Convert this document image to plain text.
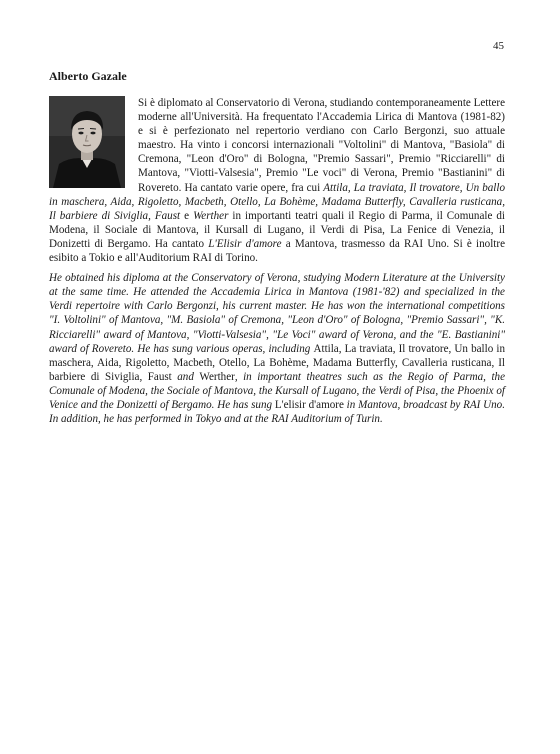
45
Alberto Gazale

Si è diplomato al Conservatorio di Verona, studiando contemporaneamente Lettere moderne all'Università. Ha frequentato l'Accademia Lirica di Mantova (1981-82) e si è perfezionato nel repertorio verdiano con Carlo Bergonzi, suo attuale maestro. Ha vinto i concorsi internazionali "Voltolini" di Mantova, "Basiola" di Cremona, "Leon d'Oro" di Bologna, "Premio Sassari", Premio "Ricciarelli" di Mantova, "Viotti-Valsesia", Premio "Le voci" di Verona, Premio "Bastianini" di Rovereto. Ha cantato varie opere, fra cui Attila, La traviata, Il trovatore, Un ballo in maschera, Aida, Rigoletto, Macbeth, Otello, La Bohème, Madama Butterfly, Cavalleria rusticana, Il barbiere di Siviglia, Faust e Werther in importanti teatri quali il Regio di Parma, il Comunale di Modena, il Sociale di Mantova, il Kursall di Lugano, il Verdi di Pisa, La Fenice di Venezia, il Donizetti di Bergamo. Ha cantato L'Elisir d'amore a Mantova, trasmesso da RAI Uno. Si è inoltre esibito a Tokio e all'Auditorium RAI di Torino.

He obtained his diploma at the Conservatory of Verona, studying Modern Literature at the University at the same time. He attended the Accademia Lirica in Mantova (1981-'82) and specialized in the Verdi repertoire with Carlo Bergonzi, his current master. He has won the international competitions "I. Voltolini" of Mantova, "M. Basiola" of Cremona, "Leon d'Oro" of Bologna, "Premio Sassari", "K. Ricciarelli" award of Mantova, "Viotti-Valsesia", "Le Voci" award of Verona, and the "E. Bastianini" award of Rovereto. He has sung various operas, including Attila, La traviata, Il trovatore, Un ballo in maschera, Aida, Rigoletto, Macbeth, Otello, La Bohème, Madama Butterfly, Cavalleria rusticana, Il barbiere di Siviglia, Faust and Werther, in important theatres such as the Regio of Parma, the Comunale of Modena, the Sociale of Mantova, the Kursall of Lugano, the Verdi of Pisa, the Phoenix of Venice and the Donizetti of Bergamo. He has sung L'elisir d'amore in Mantova, broadcast by RAI Uno. In addition, he has performed in Tokyo and at the RAI Auditorium of Turin.
